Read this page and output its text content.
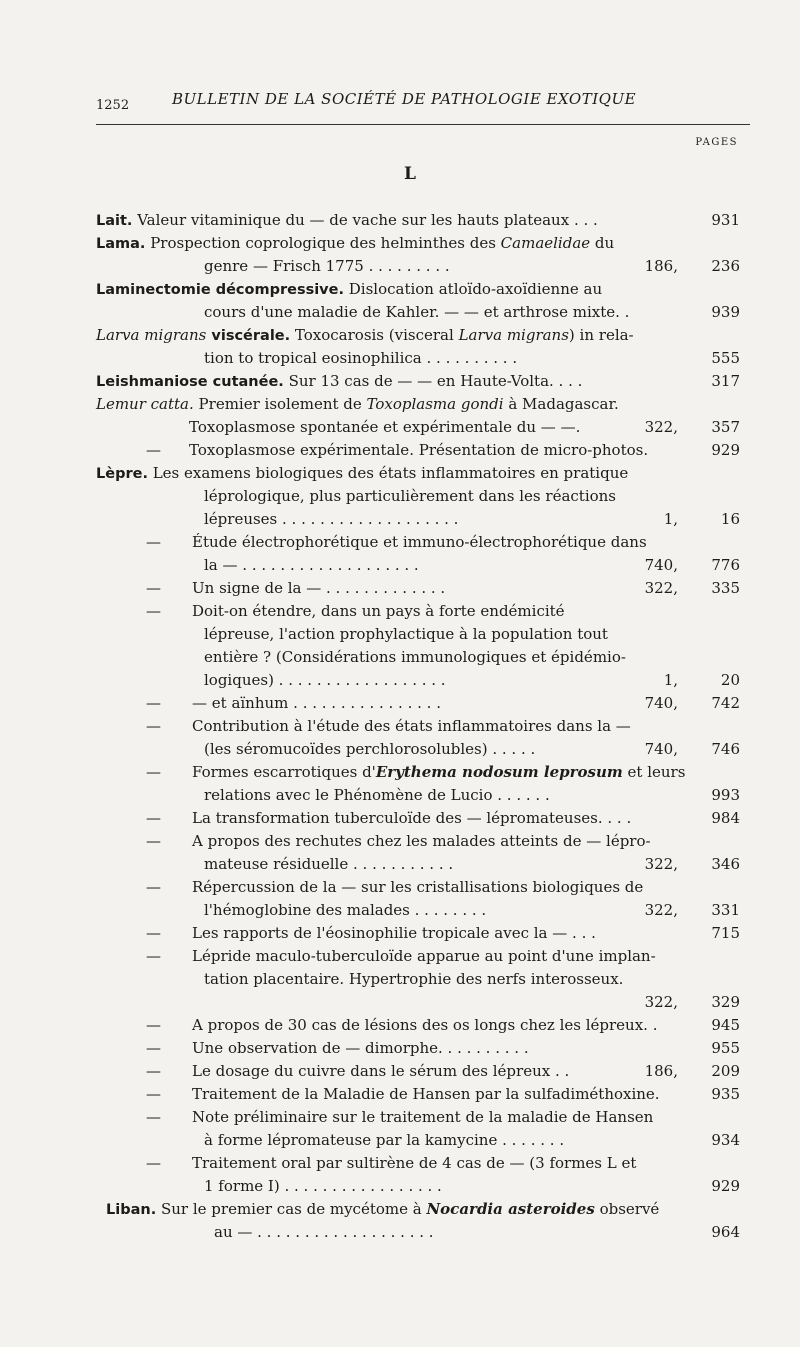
1252	BULLETIN DE LA SOCIÉTÉ DE PATHOLOGIE EXOTIQUE
PAGES
L
Lait. Valeur vitaminique du — de vache sur les hauts plateaux . . .	931
Lama. Prospection coprologique des helminthes des Camaelidae du
genre — Frisch 1775 . . . . . . . . .	186, 236
Laminectomie décompressive. Dislocation atloïdo-axoïdienne au
cours d'une maladie de Kahler. — — et arthrose mixte. .	939
Larva migrans viscérale. Toxocarosis (visceral Larva migrans) in rela-
tion to tropical eosinophilica . . . . . . . . . .	555
Leishmaniose cutanée. Sur 13 cas de — — en Haute-Volta. . . .	317
Lemur catta. Premier isolement de Toxoplasma gondi à Madagascar.
Toxoplasmose spontanée et expérimentale du — —.	322, 357
— Toxoplasmose expérimentale. Présentation de micro-photos.	929
Lèpre. Les examens biologiques des états inflammatoires en pratique
léprologique, plus particulièrement dans les réactions
lépreuses . . . . . . . . . . . . . . . . . . .	1,	16
— Étude électrophorétique et immuno-électrophorétique dans
la — . . . . . . . . . . . . . . . . . . .	740, 776
— Un signe de la — . . . . . . . . . . . . .	322, 335
— Doit-on étendre, dans un pays à forte endémicité
lépreuse, l'action prophylactique à la population tout
entière ? (Considérations immunologiques et épidémio-
logiques) . . . . . . . . . . . . . . . . . .	1,	20
— — et aïnhum . . . . . . . . . . . . . . . .	740, 742
— Contribution à l'étude des états inflammatoires dans la —
(les séromucoïdes perchlorosolubles) . . . . .	740, 746
— Formes escarrotiques d'Erythema nodosum leprosum et leurs
relations avec le Phénomène de Lucio . . . . . .	993
— La transformation tuberculoïde des — lépromateuses. . . .	984
— A propos des rechutes chez les malades atteints de — lépro-
mateuse résiduelle . . . . . . . . . . .	322, 346
— Répercussion de la — sur les cristallisations biologiques de
l'hémoglobine des malades . . . . . . . .	322, 331
— Les rapports de l'éosinophilie tropicale avec la — . . .	715
— Lépride maculo-tuberculoïde apparue au point d'une implan-
tation placentaire. Hypertrophie des nerfs interosseux.
322, 329
— A propos de 30 cas de lésions des os longs chez les lépreux. .	945
— Une observation de — dimorphe. . . . . . . . . .	955
— Le dosage du cuivre dans le sérum des lépreux . .	186, 209
— Traitement de la Maladie de Hansen par la sulfadiméthoxine.	935
— Note préliminaire sur le traitement de la maladie de Hansen
à forme lépromateuse par la kamycine . . . . . . .	934
— Traitement oral par sultirène de 4 cas de — (3 formes L et
1 forme I) . . . . . . . . . . . . . . . . .	929
Liban. Sur le premier cas de mycétome à Nocardia asteroides observé
au — . . . . . . . . . . . . . . . . . . .	964
